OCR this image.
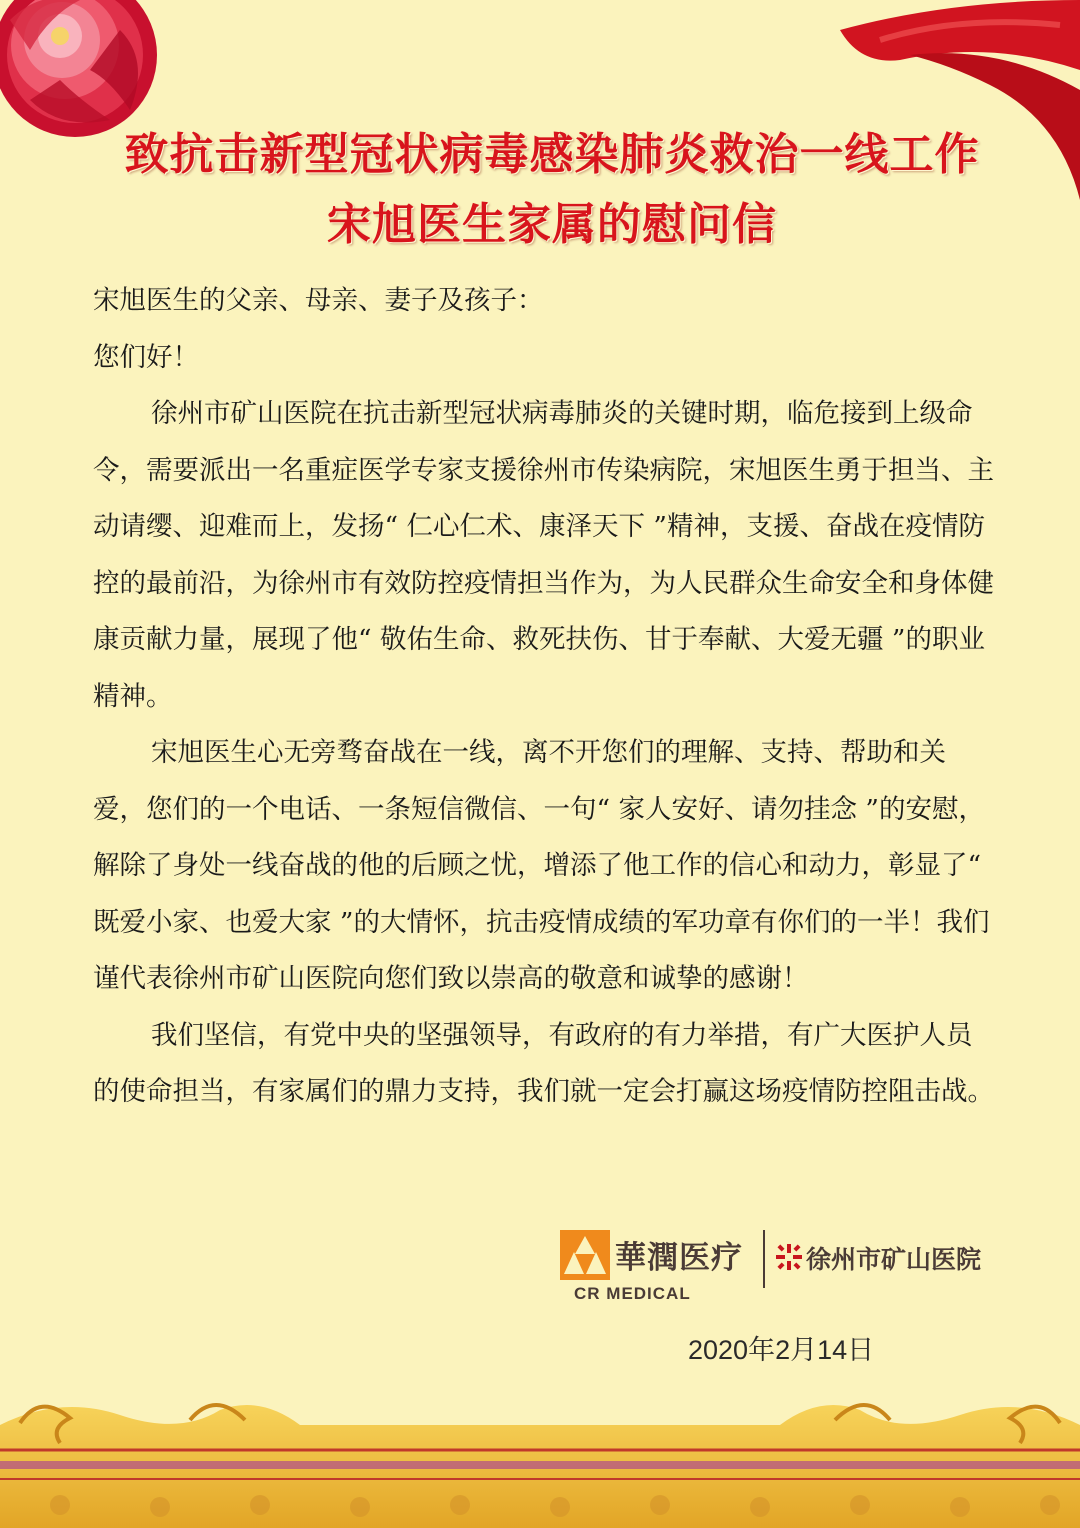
致抗击新型冠状病毒感染肺炎救治一线工作
宋旭医生家属的慰问信

宋旭医生的父亲、母亲、妻子及孩子：

您们好！

徐州市矿山医院在抗击新型冠状病毒肺炎的关键时期，临危接到上级命令，需要派出一名重症医学专家支援徐州市传染病院，宋旭医生勇于担当、主动请缨、迎难而上，发扬“ 仁心仁术、康泽天下 ”精神，支援、奋战在疫情防控的最前沿，为徐州市有效防控疫情担当作为，为人民群众生命安全和身体健康贡献力量，展现了他“ 敬佑生命、救死扶伤、甘于奉献、大爱无疆 ”的职业精神。

宋旭医生心无旁骛奋战在一线，离不开您们的理解、支持、帮助和关爱，您们的一个电话、一条短信微信、一句“ 家人安好、请勿挂念 ”的安慰，解除了身处一线奋战的他的后顾之忧，增添了他工作的信心和动力，彰显了“ 既爱小家、也爱大家 ”的大情怀，抗击疫情成绩的军功章有你们的一半！我们谨代表徐州市矿山医院向您们致以崇高的敬意和诚挚的感谢！

我们坚信，有党中央的坚强领导，有政府的有力举措，有广大医护人员的使命担当，有家属们的鼎力支持，我们就一定会打赢这场疫情防控阻击战。

華潤医疗
CR MEDICAL
徐州市矿山医院
2020年2月14日
